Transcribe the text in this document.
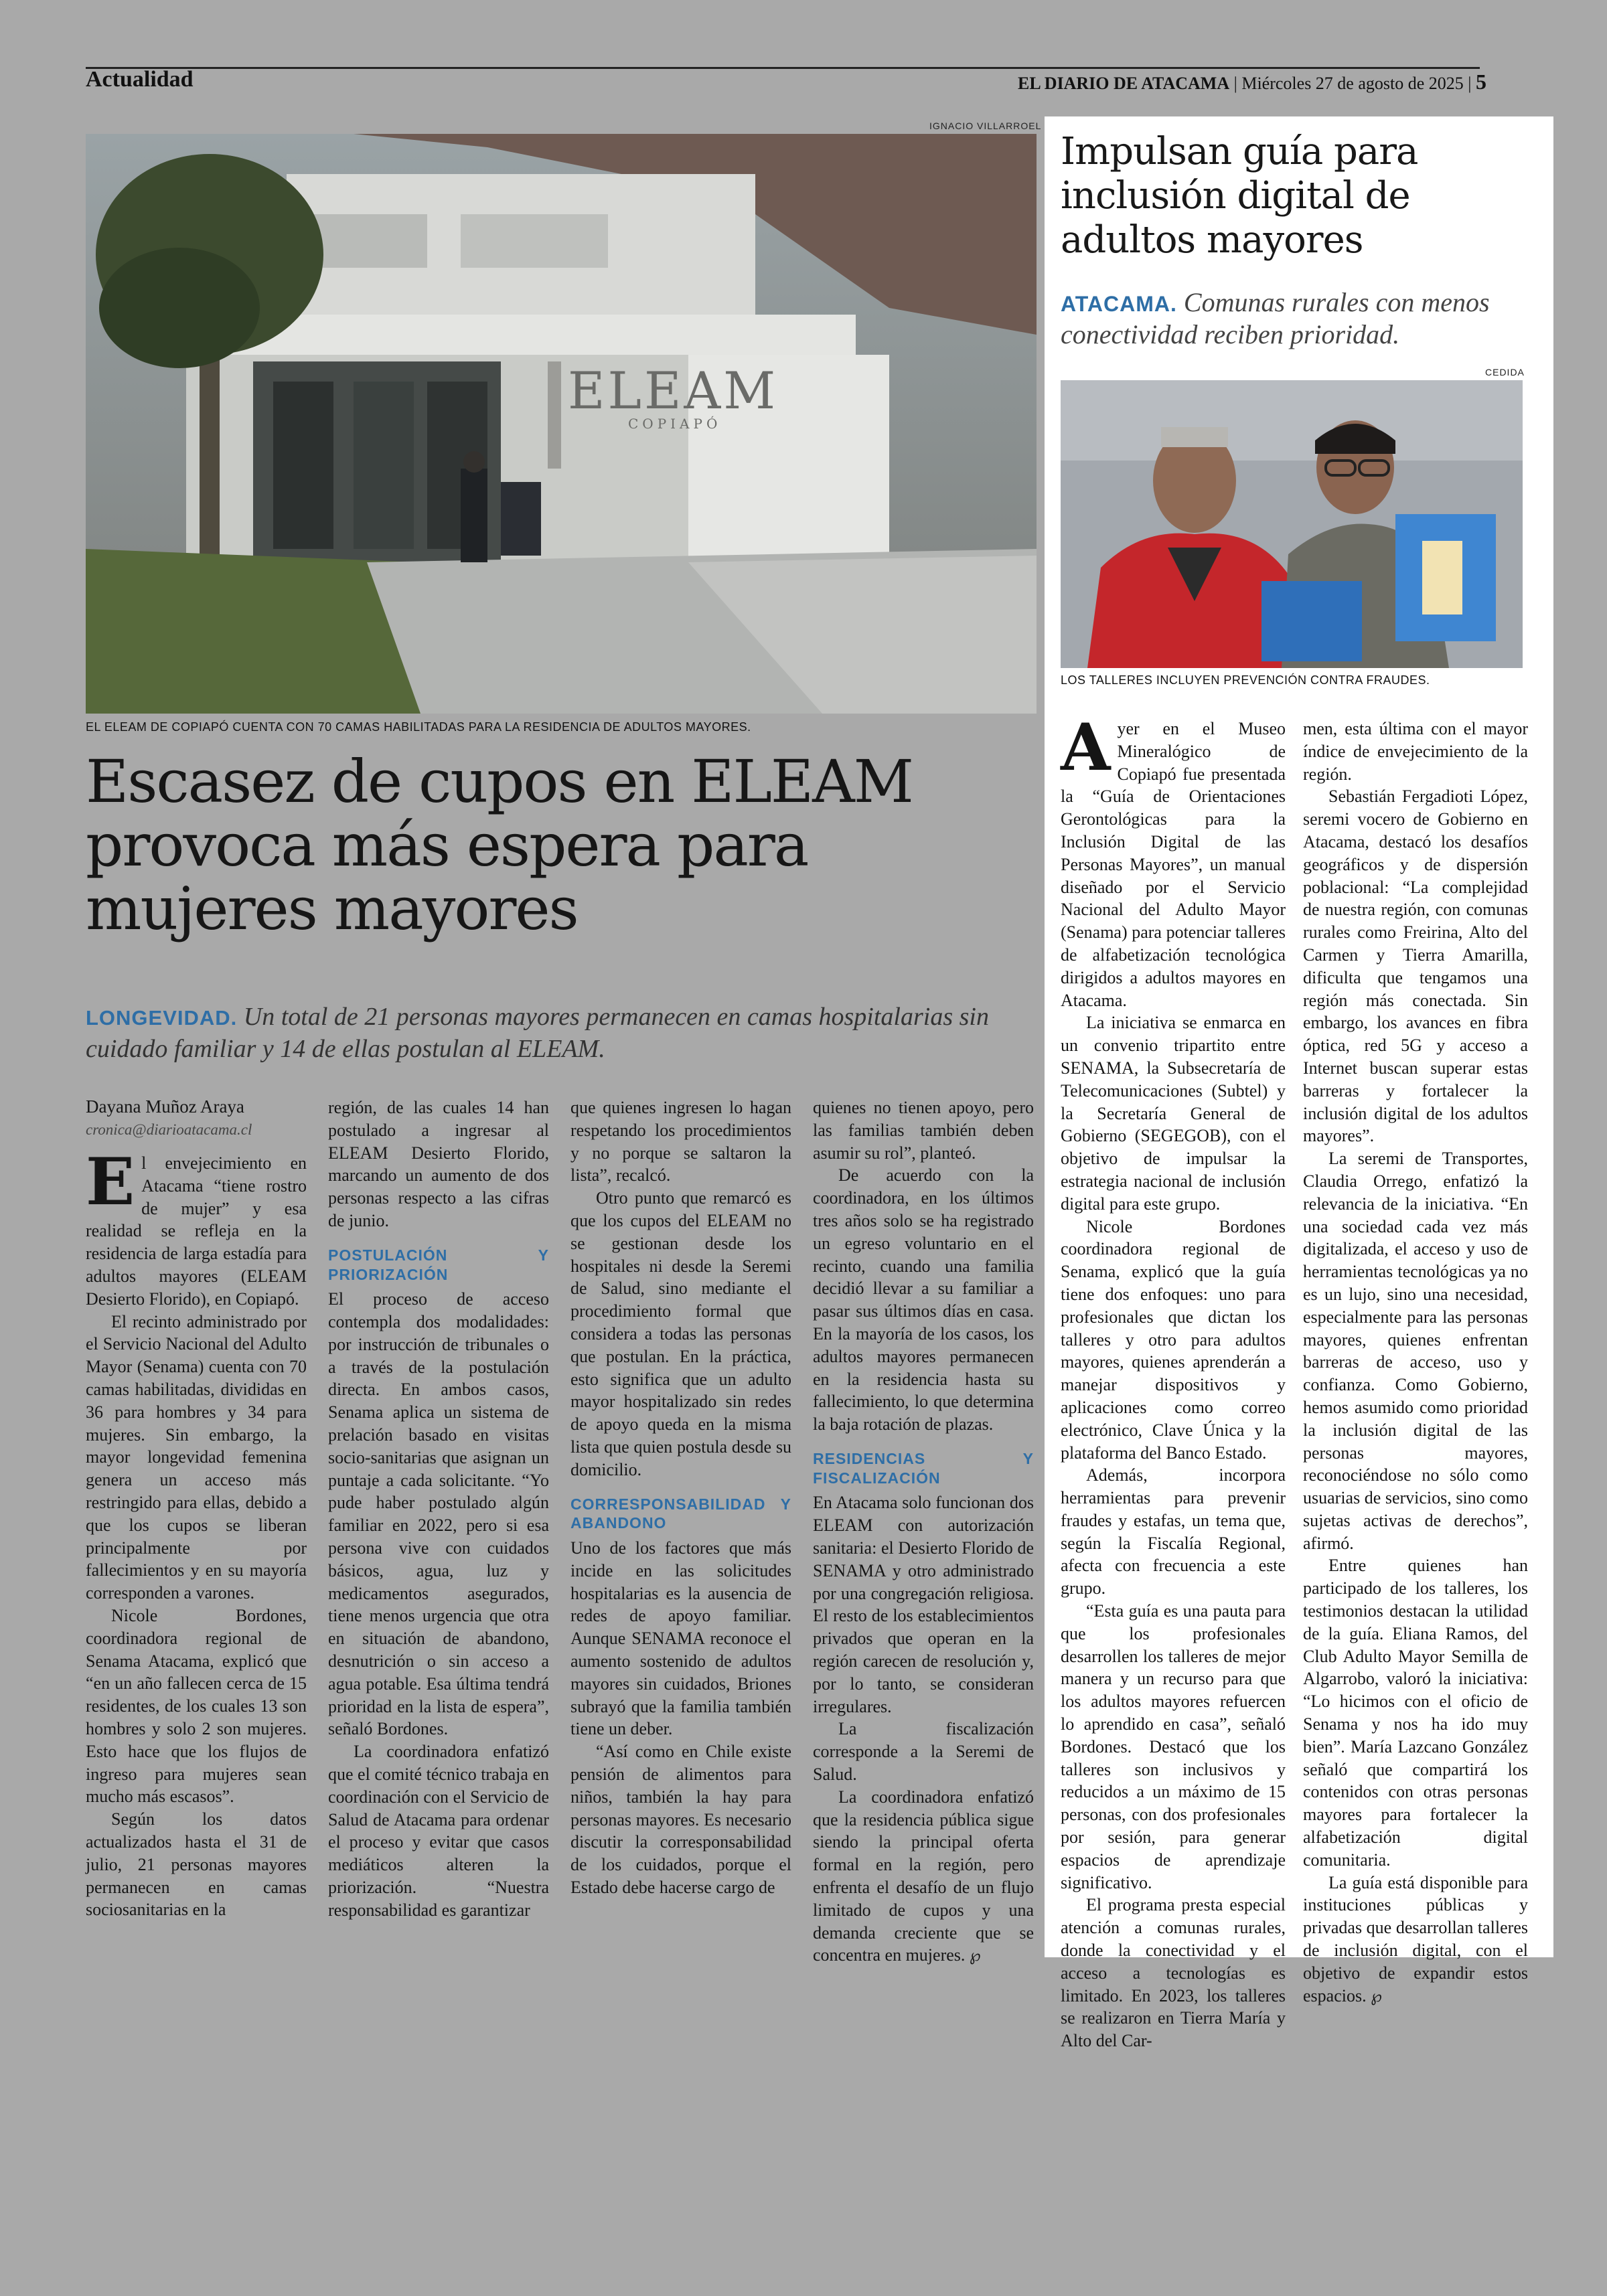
Actualidad	EL DIARIO DE ATACAMA | Miércoles 27 de agosto de 2025 | 5
IGNACIO VILLARROEL
ELEAM
COPIAPÓ
EL ELEAM DE COPIAPÓ CUENTA CON 70 CAMAS HABILITADAS PARA LA RESIDENCIA DE ADULTOS MAYORES.
Escasez de cupos en ELEAM provoca más espera para mujeres mayores
LONGEVIDAD. Un total de 21 personas mayores permanecen en camas hospitalarias sin cuidado familiar y 14 de ellas postulan al ELEAM.
Dayana Muñoz Araya
cronica@diarioatacama.cl

El envejecimiento en Atacama “tiene rostro de mujer” y esa realidad se refleja en la residencia de larga estadía para adultos mayores (ELEAM Desierto Florido), en Copiapó.

El recinto administrado por el Servicio Nacional del Adulto Mayor (Senama) cuenta con 70 camas habilitadas, divididas en 36 para hombres y 34 para mujeres. Sin embargo, la mayor longevidad femenina genera un acceso más restringido para ellas, debido a que los cupos se liberan principalmente por fallecimientos y en su mayoría corresponden a varones.

Nicole Bordones, coordinadora regional de Senama Atacama, explicó que “en un año fallecen cerca de 15 residentes, de los cuales 13 son hombres y solo 2 son mujeres. Esto hace que los flujos de ingreso para mujeres sean mucho más escasos”.

Según los datos actualizados hasta el 31 de julio, 21 personas mayores permanecen en camas sociosanitarias en la

región, de las cuales 14 han postulado a ingresar al ELEAM Desierto Florido, marcando un aumento de dos personas respecto a las cifras de junio.

POSTULACIÓN Y PRIORIZACIÓN

El proceso de acceso contempla dos modalidades: por instrucción de tribunales o a través de la postulación directa. En ambos casos, Senama aplica un sistema de prelación basado en visitas socio-sanitarias que asignan un puntaje a cada solicitante. “Yo pude haber postulado algún familiar en 2022, pero si esa persona vive con cuidados básicos, agua, luz y medicamentos asegurados, tiene menos urgencia que otra en situación de abandono, desnutrición o sin acceso a agua potable. Esa última tendrá prioridad en la lista de espera”, señaló Bordones.

La coordinadora enfatizó que el comité técnico trabaja en coordinación con el Servicio de Salud de Atacama para ordenar el proceso y evitar que casos mediáticos alteren la priorización. “Nuestra responsabilidad es garantizar

que quienes ingresen lo hagan respetando los procedimientos y no porque se saltaron la lista”, recalcó.

Otro punto que remarcó es que los cupos del ELEAM no se gestionan desde los hospitales ni desde la Seremi de Salud, sino mediante el procedimiento formal que considera a todas las personas que postulan. En la práctica, esto significa que un adulto mayor hospitalizado sin redes de apoyo queda en la misma lista que quien postula desde su domicilio.

CORRESPONSABILIDAD Y ABANDONO

Uno de los factores que más incide en las solicitudes hospitalarias es la ausencia de redes de apoyo familiar. Aunque SENAMA reconoce el aumento sostenido de adultos mayores sin cuidados, Briones subrayó que la familia también tiene un deber.

“Así como en Chile existe pensión de alimentos para niños, también la hay para personas mayores. Es necesario discutir la corresponsabilidad de los cuidados, porque el Estado debe hacerse cargo de

quienes no tienen apoyo, pero las familias también deben asumir su rol”, planteó.

De acuerdo con la coordinadora, en los últimos tres años solo se ha registrado un egreso voluntario en el recinto, cuando una familia decidió llevar a su familiar a pasar sus últimos días en casa. En la mayoría de los casos, los adultos mayores permanecen en la residencia hasta su fallecimiento, lo que determina la baja rotación de plazas.

RESIDENCIAS Y FISCALIZACIÓN

En Atacama solo funcionan dos ELEAM con autorización sanitaria: el Desierto Florido de SENAMA y otro administrado por una congregación religiosa. El resto de los establecimientos privados que operan en la región carecen de resolución y, por lo tanto, se consideran irregulares.

La fiscalización corresponde a la Seremi de Salud.

La coordinadora enfatizó que la residencia pública sigue siendo la principal oferta formal en la región, pero enfrenta el desafío de un flujo limitado de cupos y una demanda creciente que se concentra en mujeres. ℘

Impulsan guía para inclusión digital de adultos mayores
ATACAMA. Comunas rurales con menos conectividad reciben prioridad.
CEDIDA
LOS TALLERES INCLUYEN PREVENCIÓN CONTRA FRAUDES.

Ayer en el Museo Mineralógico de Copiapó fue presentada la “Guía de Orientaciones Gerontológicas para la Inclusión Digital de las Personas Mayores”, un manual diseñado por el Servicio Nacional del Adulto Mayor (Senama) para potenciar talleres de alfabetización tecnológica dirigidos a adultos mayores en Atacama.

La iniciativa se enmarca en un convenio tripartito entre SENAMA, la Subsecretaría de Telecomunicaciones (Subtel) y la Secretaría General de Gobierno (SEGEGOB), con el objetivo de impulsar la estrategia nacional de inclusión digital para este grupo.

Nicole Bordones coordinadora regional de Senama, explicó que la guía tiene dos enfoques: uno para profesionales que dictan los talleres y otro para adultos mayores, quienes aprenderán a manejar dispositivos y aplicaciones como correo electrónico, Clave Única y la plataforma del Banco Estado.

Además, incorpora herramientas para prevenir fraudes y estafas, un tema que, según la Fiscalía Regional, afecta con frecuencia a este grupo.

“Esta guía es una pauta para que los profesionales desarrollen los talleres de mejor manera y un recurso para que los adultos mayores refuercen lo aprendido en casa”, señaló Bordones. Destacó que los talleres son inclusivos y reducidos a un máximo de 15 personas, con dos profesionales por sesión, para generar espacios de aprendizaje significativo.

El programa presta especial atención a comunas rurales, donde la conectividad y el acceso a tecnologías es limitado. En 2023, los talleres se realizaron en Tierra María y Alto del Car-

men, esta última con el mayor índice de envejecimiento de la región.

Sebastián Fergadioti López, seremi vocero de Gobierno en Atacama, destacó los desafíos geográficos y de dispersión poblacional: “La complejidad de nuestra región, con comunas rurales como Freirina, Alto del Carmen y Tierra Amarilla, dificulta que tengamos una región más conectada. Sin embargo, los avances en fibra óptica, red 5G y acceso a Internet buscan superar estas barreras y fortalecer la inclusión digital de los adultos mayores”.

La seremi de Transportes, Claudia Orrego, enfatizó la relevancia de la iniciativa. “En una sociedad cada vez más digitalizada, el acceso y uso de herramientas tecnológicas ya no es un lujo, sino una necesidad, especialmente para las personas mayores, quienes enfrentan barreras de acceso, uso y confianza. Como Gobierno, hemos asumido como prioridad la inclusión digital de las personas mayores, reconociéndose no sólo como usuarias de servicios, sino como sujetas activas de derechos”, afirmó.

Entre quienes han participado de los talleres, los testimonios destacan la utilidad de la guía. Eliana Ramos, del Club Adulto Mayor Semilla de Algarrobo, valoró la iniciativa: “Lo hicimos con el oficio de Senama y nos ha ido muy bien”. María Lazcano González señaló que compartirá los contenidos con otras personas mayores para fortalecer la alfabetización digital comunitaria.

La guía está disponible para instituciones públicas y privadas que desarrollan talleres de inclusión digital, con el objetivo de expandir estos espacios. ℘
